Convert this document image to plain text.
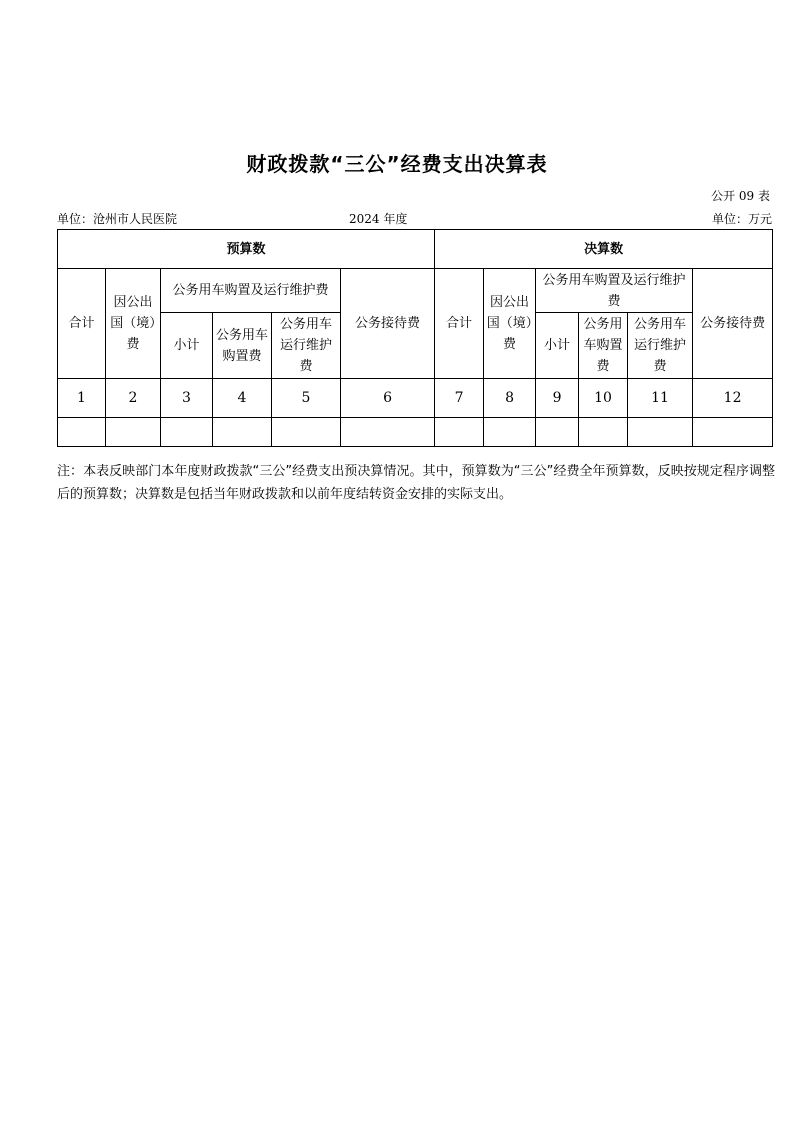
财政拨款“三公”经费支出决算表
公开 09 表
单位：沧州市人民医院	2024 年度	单位：万元
预算数						决算数					
合计	因公出国（境）费	公务用车购置及运行维护费			公务接待费	合计	因公出国（境）费	公务用车购置及运行维护费			公务接待费
		小计	公务用车购置费	公务用车运行维护费				小计	公务用车购置费	公务用车运行维护费	
1	2	3	4	5	6	7	8	9	10	11	12

注：本表反映部门本年度财政拨款“三公”经费支出预决算情况。其中，预算数为“三公”经费全年预算数，反映按规定程序调整后的预算数；决算数是包括当年财政拨款和以前年度结转资金安排的实际支出。
